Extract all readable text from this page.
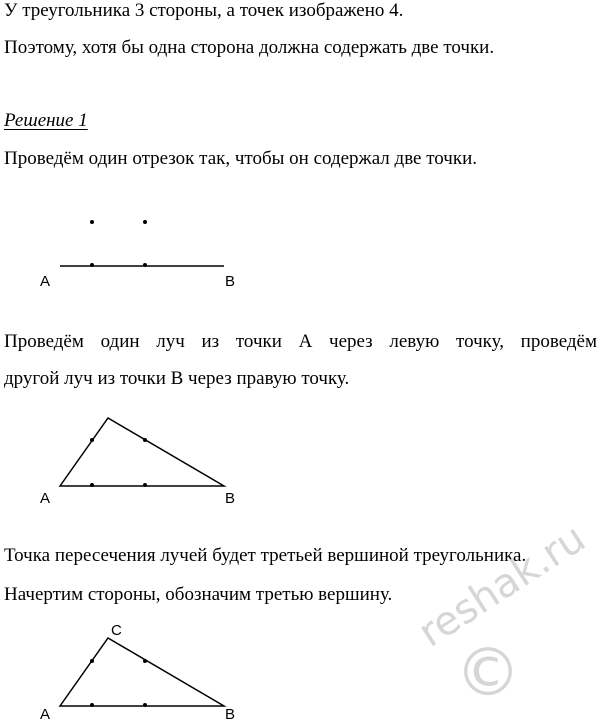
У треугольника 3 стороны, а точек изображено 4.
Поэтому, хотя бы одна сторона должна содержать две точки.
Решение 1
Проведём один отрезок так, чтобы он содержал две точки.
А	В
Проведём один луч из точки А через левую точку, проведём
другой луч из точки В через правую точку.
А	В
Точка пересечения лучей будет третьей вершиной треугольника.
Начертим стороны, обозначим третью вершину.
С
А	В
reshak.ru
©
